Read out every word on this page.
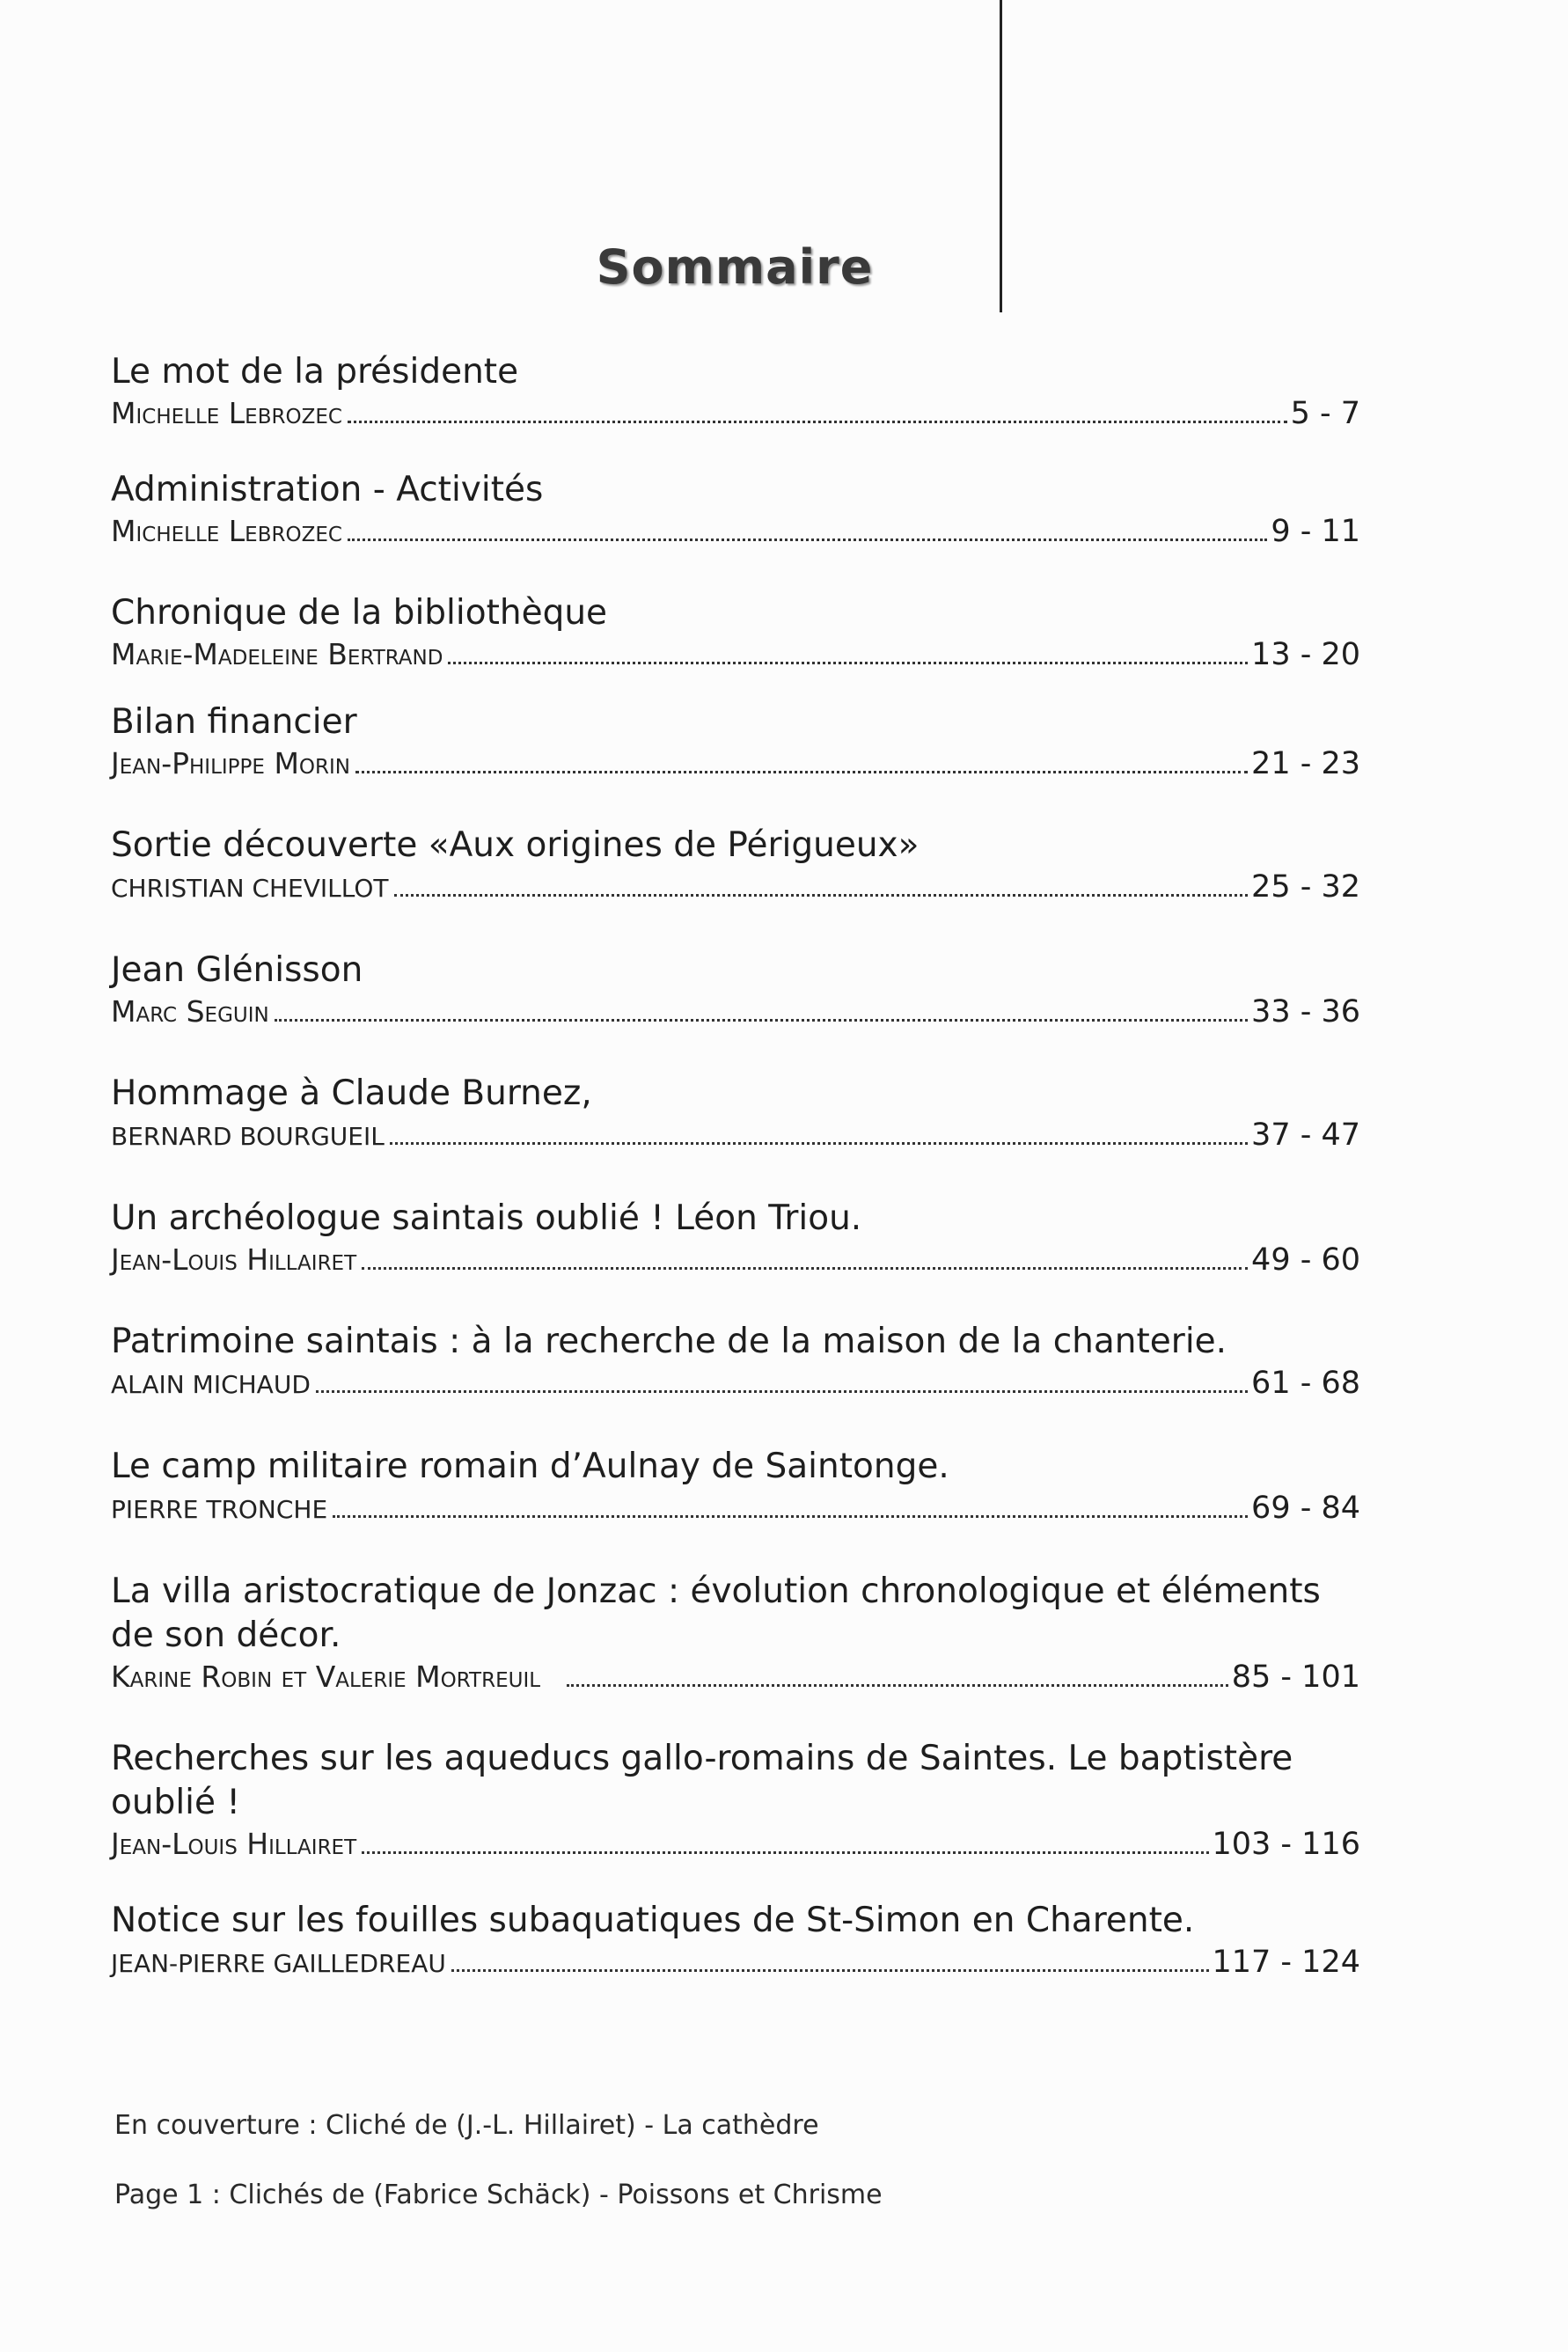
Sommaire
Le mot de la présidente
Michelle Lebrozec	5 - 7
Administration - Activités
Michelle Lebrozec	9 - 11
Chronique de la bibliothèque
Marie-Madeleine Bertrand	13 - 20
Bilan financier
Jean-Philippe Morin	21 - 23
Sortie découverte «Aux origines de Périgueux»
CHRISTIAN CHEVILLOT	25 - 32
Jean Glénisson
Marc Seguin	33 - 36
Hommage à Claude Burnez,
BERNARD BOURGUEIL	37 - 47
Un archéologue saintais oublié ! Léon Triou.
Jean-Louis Hillairet	49 - 60
Patrimoine saintais : à la recherche de la maison de la chanterie.
ALAIN MICHAUD	61 - 68
Le camp militaire romain d’Aulnay de Saintonge.
PIERRE TRONCHE	69 - 84
La villa aristocratique de Jonzac : évolution chronologique et éléments de son décor.
Karine Robin et Valerie Mortreuil	85 - 101
Recherches sur les aqueducs gallo-romains de Saintes. Le baptistère oublié !
Jean-Louis Hillairet	103 - 116
Notice sur les fouilles subaquatiques de St-Simon en Charente.
JEAN-PIERRE GAILLEDREAU	117 - 124
En couverture : Cliché de (J.-L. Hillairet) - La cathèdre
Page 1 : Clichés de (Fabrice Schäck) - Poissons et Chrisme
